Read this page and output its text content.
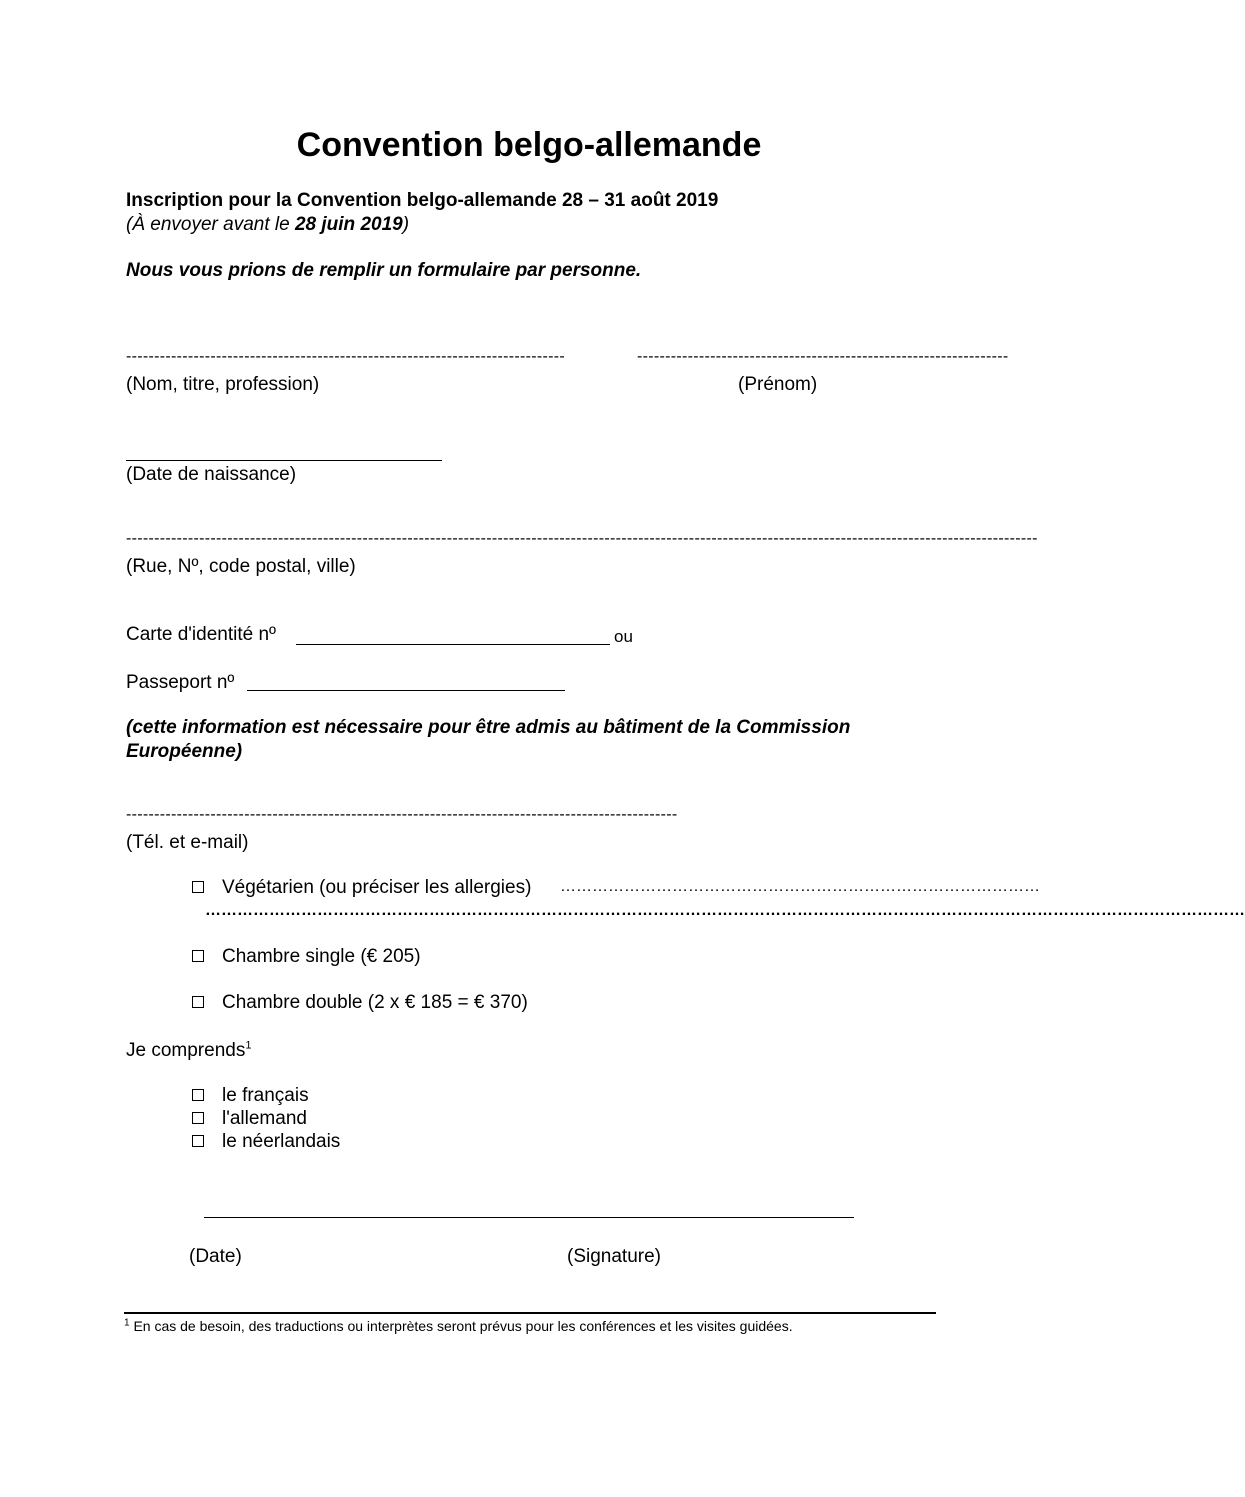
Convention belgo-allemande
Inscription pour la Convention belgo-allemande 28 – 31 août 2019
(À envoyer avant le 28 juin 2019)
Nous vous prions de remplir un formulaire par personne.
------------------------------------------------------------------------------	------------------------------------------------------------------
(Nom, titre, profession)	(Prénom)
(Date de naissance)
------------------------------------------------------------------------------------------------------------------------------------------------------------------
(Rue, Nº, code postal, ville)
Carte d'identité nº	ou
Passeport nº
(cette information est nécessaire pour être admis au bâtiment de la Commission Européenne)
--------------------------------------------------------------------------------------------------
(Tél. et e-mail)
Végétarien (ou préciser les allergies) ………………………………………………………………………………
……………………………………………………………………………………………………………………………………………………………………………
Chambre single (€ 205)
Chambre double (2 x € 185 = € 370)
Je comprends$^1$
le français
l'allemand
le néerlandais
(Date)	(Signature)
$^1$ En cas de besoin, des traductions ou interprètes seront prévus pour les conférences et les visites guidées.
